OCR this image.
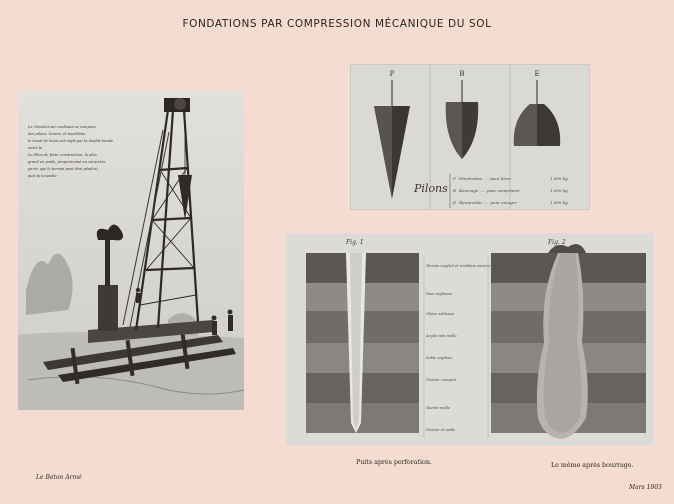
FONDATIONS PAR COMPRESSION MÉCANIQUE DU SOL
La chevalet sur coulisses se compose
des pilons, leviers, et tourillons
le treuil de levée est réglé par la double bande
entre la
Le Pilon de forte construction, le plus
grand en poids, proportionné en caractère
parce que le terrain peut être pénétré,
puis la nouvelle
P	B	E
Pilons
P Pénétration .... pour forer	1.000 kg
B Bourrage ..... pour comprimer	1.000 kg
E Éprouvette ..... pour essayer	1.000 kg
Fig. 1	Fig. 2
Terrain végétal et remblais anciens
Vase argileuse
Glaise sableuse
Argile très molle
Sable argileux
Gravier compact
Tourbe molle
Gravier et sable
Puits après perforation.	Le même après bourrage.
Le Beton Armé
Mars 1903
